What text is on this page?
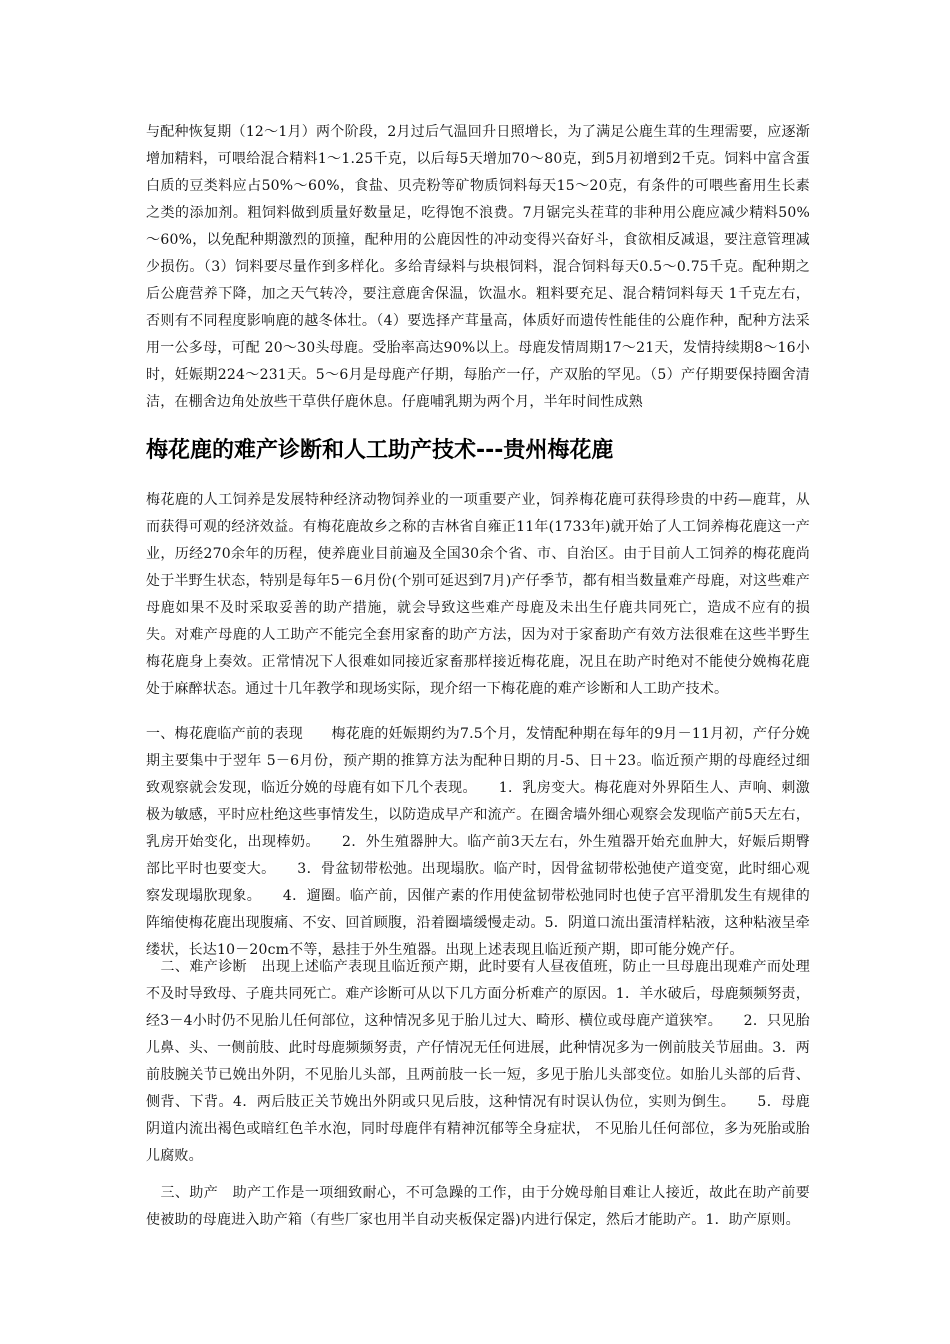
与配种恢复期（12～1月）两个阶段，2月过后气温回升日照增长，为了满足公鹿生茸的生理需要，应逐渐增加精料，可喂给混合精料1～1.25千克，以后每5天增加70～80克，到5月初增到2千克。饲料中富含蛋白质的豆类料应占50%～60%，食盐、贝壳粉等矿物质饲料每天15～20克，有条件的可喂些畜用生长素之类的添加剂。粗饲料做到质量好数量足，吃得饱不浪费。7月锯完头茬茸的非种用公鹿应减少精料50%～60%，以免配种期激烈的顶撞，配种用的公鹿因性的冲动变得兴奋好斗，食欲相反减退，要注意管理减少损伤。（3）饲料要尽量作到多样化。多给青绿料与块根饲料，混合饲料每天0.5～0.75千克。配种期之后公鹿营养下降，加之天气转冷，要注意鹿舍保温，饮温水。粗料要充足、混合精饲料每天 1千克左右，否则有不同程度影响鹿的越冬体壮。（4）要选择产茸量高，体质好而遗传性能佳的公鹿作种，配种方法采用一公多母，可配 20～30头母鹿。受胎率高达90%以上。母鹿发情周期17～21天，发情持续期8～16小时，妊娠期224～231天。5～6月是母鹿产仔期，每胎产一仔，产双胎的罕见。（5）产仔期要保持圈舍清洁，在棚舍边角处放些干草供仔鹿休息。仔鹿哺乳期为两个月，半年时间性成熟
梅花鹿的难产诊断和人工助产技术---贵州梅花鹿
梅花鹿的人工饲养是发展特种经济动物饲养业的一项重要产业，饲养梅花鹿可获得珍贵的中药—鹿茸，从而获得可观的经济效益。有梅花鹿故乡之称的吉林省自雍正11年(1733年)就开始了人工饲养梅花鹿这一产业，历经270余年的历程，使养鹿业目前遍及全国30余个省、市、自治区。由于目前人工饲养的梅花鹿尚处于半野生状态，特别是每年5－6月份(个别可延迟到7月)产仔季节，都有相当数量难产母鹿，对这些难产母鹿如果不及时采取妥善的助产措施，就会导致这些难产母鹿及未出生仔鹿共同死亡，造成不应有的损失。对难产母鹿的人工助产不能完全套用家畜的助产方法，因为对于家畜助产有效方法很难在这些半野生梅花鹿身上奏效。正常情况下人很难如同接近家畜那样接近梅花鹿，况且在助产时绝对不能使分娩梅花鹿处于麻醉状态。通过十几年教学和现场实际，现介绍一下梅花鹿的难产诊断和人工助产技术。
一、梅花鹿临产前的表现　　梅花鹿的妊娠期约为7.5个月，发情配种期在每年的9月－11月初，产仔分娩期主要集中于翌年 5－6月份，预产期的推算方法为配种日期的月-5、日＋23。临近预产期的母鹿经过细致观察就会发现，临近分娩的母鹿有如下几个表现。　　1．乳房变大。梅花鹿对外界陌生人、声响、刺激极为敏感，平时应杜绝这些事情发生，以防造成早产和流产。在圈舍墙外细心观察会发现临产前5天左右，乳房开始变化，出现棒奶。　　2．外生殖器肿大。临产前3天左右，外生殖器开始充血肿大，好娠后期臀部比平时也要变大。　　3．骨盆韧带松弛。出现塌肷。临产时，因骨盆韧带松弛使产道变宽，此时细心观察发现塌肷现象。　　4．遛圈。临产前，因催产素的作用使盆韧带松弛同时也使子宫平滑肌发生有规律的阵缩使梅花鹿出现腹痛、不安、回首顾腹，沿着圈墙缓慢走动。5．阴道口流出蛋清样粘液，这种粘液呈牵缕状，长达10－20cm不等，悬挂于外生殖器。出现上述表现且临近预产期，即可能分娩产仔。
　二、难产诊断　出现上述临产表现且临近预产期，此时要有人昼夜值班，防止一旦母鹿出现难产而处理不及时导致母、子鹿共同死亡。难产诊断可从以下几方面分析难产的原因。1．羊水破后，母鹿频频努责，经3－4小时仍不见胎儿任何部位，这种情况多见于胎儿过大、畸形、横位或母鹿产道狭窄。　　2．只见胎儿鼻、头、一侧前肢、此时母鹿频频努责，产仔情况无任何进展，此种情况多为一例前肢关节屈曲。3．两前肢腕关节已娩出外阴，不见胎儿头部，且两前肢一长一短，多见于胎儿头部变位。如胎儿头部的后背、侧背、下背。4．两后肢正关节娩出外阴或只见后肢，这种情况有时误认伪位，实则为倒生。　　5．母鹿阴道内流出褐色或暗红色羊水泡，同时母鹿伴有精神沉郁等全身症状， 不见胎儿任何部位，多为死胎或胎儿腐败。
　三、助产　助产工作是一项细致耐心，不可急躁的工作，由于分娩母舶目难让人接近，故此在助产前要使被助的母鹿进入助产箱（有些厂家也用半自动夹板保定器)内进行保定，然后才能助产。1．助产原则。
